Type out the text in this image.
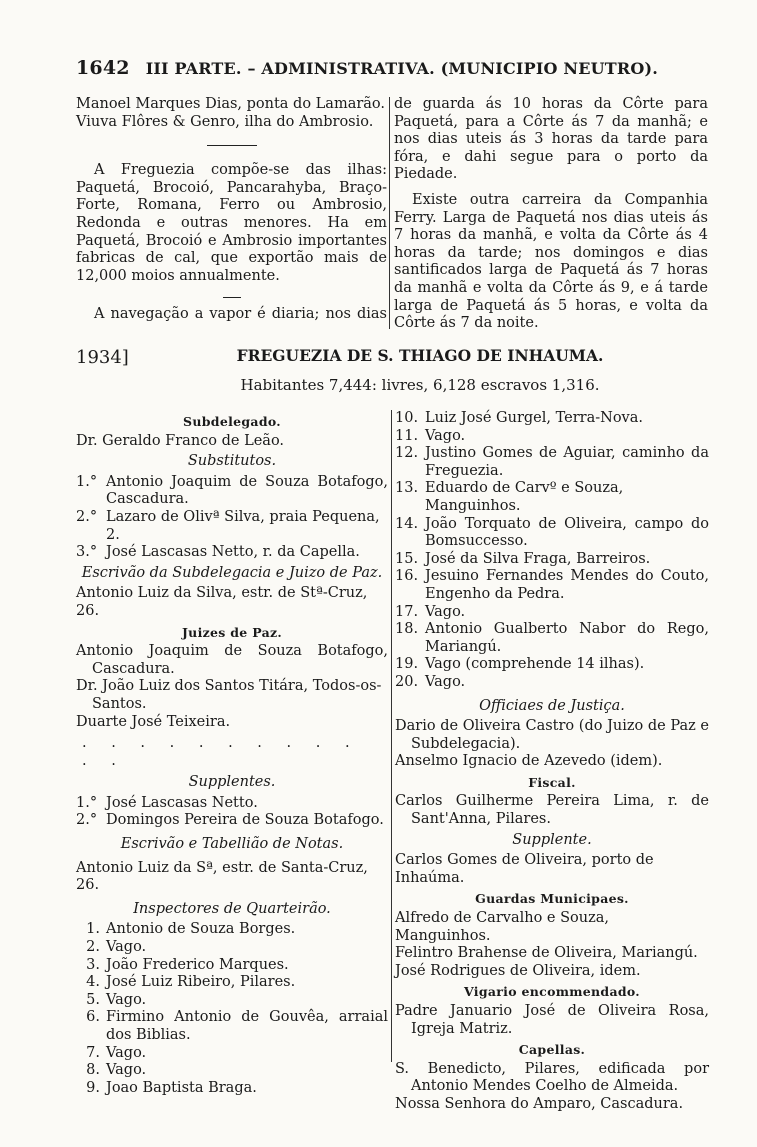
1642 III PARTE. – ADMINISTRATIVA. (MUNICIPIO NEUTRO).
Manoel Marques Dias, ponta do Lamarão.
Viuva Flôres & Genro, ilha do Ambrosio.
A Freguezia compõe-se das ilhas: Paquetá, Brocoió, Pancarahyba, Braço-Forte, Romana, Ferro ou Ambrosio, Redonda e outras menores. Ha em Paquetá, Brocoió e Ambrosio importantes fabricas de cal, que exportão mais de 12,000 moios annualmente.
A navegação a vapor é diaria; nos dias
de guarda ás 10 horas da Côrte para Paquetá, para a Côrte ás 7 da manhã; e nos dias uteis ás 3 horas da tarde para fóra, e dahi segue para o porto da Piedade.
Existe outra carreira da Companhia Ferry. Larga de Paquetá nos dias uteis ás 7 horas da manhã, e volta da Côrte ás 4 horas da tarde; nos domingos e dias santificados larga de Paquetá ás 7 horas da manhã e volta da Côrte ás 9, e á tarde larga de Paquetá ás 5 horas, e volta da Côrte ás 7 da noite.
1934]	FREGUEZIA DE S. THIAGO DE INHAUMA.
Habitantes 7,444: livres, 6,128 escravos 1,316.
Subdelegado.
Dr. Geraldo Franco de Leão.
Substitutos.
1.° Antonio Joaquim de Souza Botafogo, Cascadura.
2.° Lazaro de Olivª Silva, praia Pequena, 2.
3.° José Lascasas Netto, r. da Capella.
Escrivão da Subdelegacia e Juizo de Paz.
Antonio Luiz da Silva, estr. de Stª-Cruz, 26.
Juizes de Paz.
Antonio Joaquim de Souza Botafogo, Cascadura.
Dr. João Luiz dos Santos Titára, Todos-os-Santos.
Duarte José Teixeira.
. . . . . . . . . . . .
Supplentes.
1.° José Lascasas Netto.
2.° Domingos Pereira de Souza Botafogo.
Escrivão e Tabellião de Notas.
Antonio Luiz da Sª, estr. de Santa-Cruz, 26.
Inspectores de Quarteirão.
1. Antonio de Souza Borges.
2. Vago.
3. João Frederico Marques.
4. José Luiz Ribeiro, Pilares.
5. Vago.
6. Firmino Antonio de Gouvêa, arraial dos Biblias.
7. Vago.
8. Vago.
9. Joao Baptista Braga.
10. Luiz José Gurgel, Terra-Nova.
11. Vago.
12. Justino Gomes de Aguiar, caminho da Freguezia.
13. Eduardo de Carvº e Souza, Manguinhos.
14. João Torquato de Oliveira, campo do Bomsuccesso.
15. José da Silva Fraga, Barreiros.
16. Jesuino Fernandes Mendes do Couto, Engenho da Pedra.
17. Vago.
18. Antonio Gualberto Nabor do Rego, Mariangú.
19. Vago (comprehende 14 ilhas).
20. Vago.
Officiaes de Justiça.
Dario de Oliveira Castro (do Juizo de Paz e Subdelegacia).
Anselmo Ignacio de Azevedo (idem).
Fiscal.
Carlos Guilherme Pereira Lima, r. de Sant'Anna, Pilares.
Supplente.
Carlos Gomes de Oliveira, porto de Inhaúma.
Guardas Municipaes.
Alfredo de Carvalho e Souza, Manguinhos.
Felintro Brahense de Oliveira, Mariangú.
José Rodrigues de Oliveira, idem.
Vigario encommendado.
Padre Januario José de Oliveira Rosa, Igreja Matriz.
Capellas.
S. Benedicto, Pilares, edificada por Antonio Mendes Coelho de Almeida.
Nossa Senhora do Amparo, Cascadura.
